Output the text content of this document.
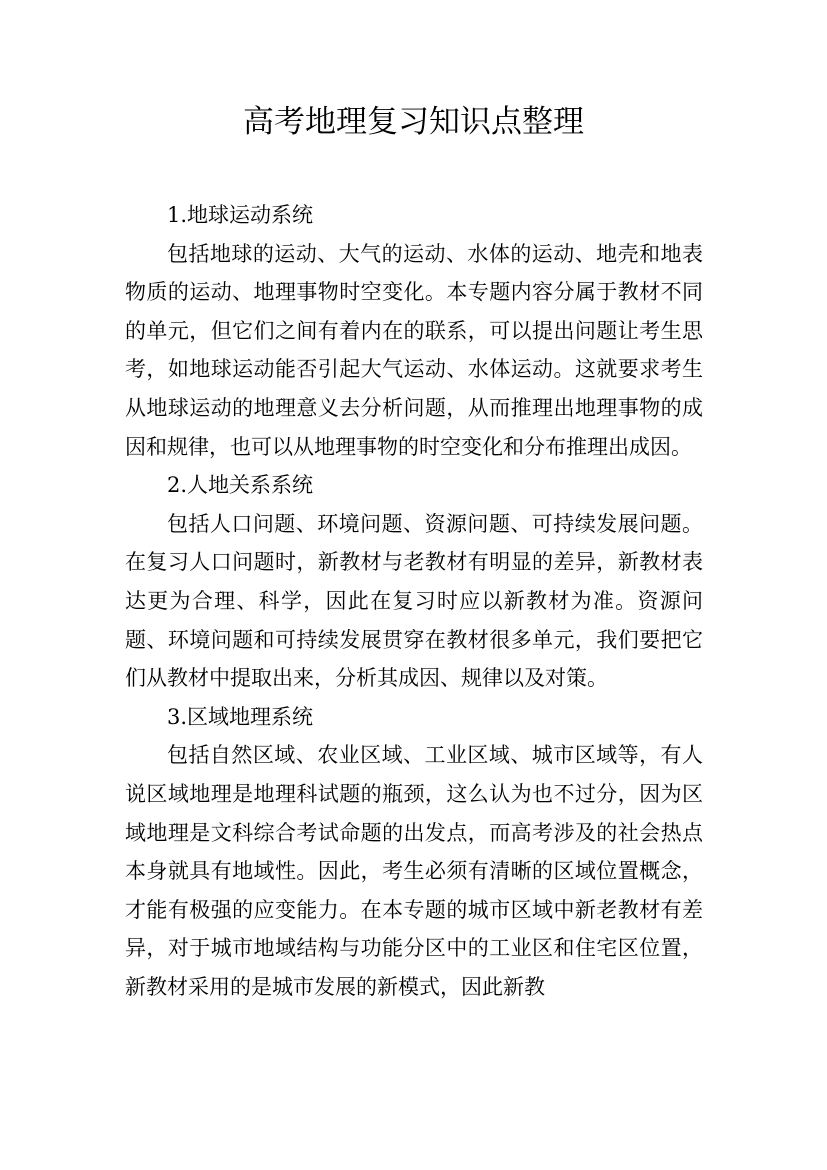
高考地理复习知识点整理

1.地球运动系统

包括地球的运动、大气的运动、水体的运动、地壳和地表物质的运动、地理事物时空变化。本专题内容分属于教材不同的单元，但它们之间有着内在的联系，可以提出问题让考生思考，如地球运动能否引起大气运动、水体运动。这就要求考生从地球运动的地理意义去分析问题，从而推理出地理事物的成因和规律，也可以从地理事物的时空变化和分布推理出成因。

2.人地关系系统

包括人口问题、环境问题、资源问题、可持续发展问题。在复习人口问题时，新教材与老教材有明显的差异，新教材表达更为合理、科学，因此在复习时应以新教材为准。资源问题、环境问题和可持续发展贯穿在教材很多单元，我们要把它们从教材中提取出来，分析其成因、规律以及对策。

3.区域地理系统

包括自然区域、农业区域、工业区域、城市区域等，有人说区域地理是地理科试题的瓶颈，这么认为也不过分，因为区域地理是文科综合考试命题的出发点，而高考涉及的社会热点本身就具有地域性。因此，考生必须有清晰的区域位置概念，才能有极强的应变能力。在本专题的城市区域中新老教材有差异，对于城市地域结构与功能分区中的工业区和住宅区位置，新教材采用的是城市发展的新模式，因此新教
